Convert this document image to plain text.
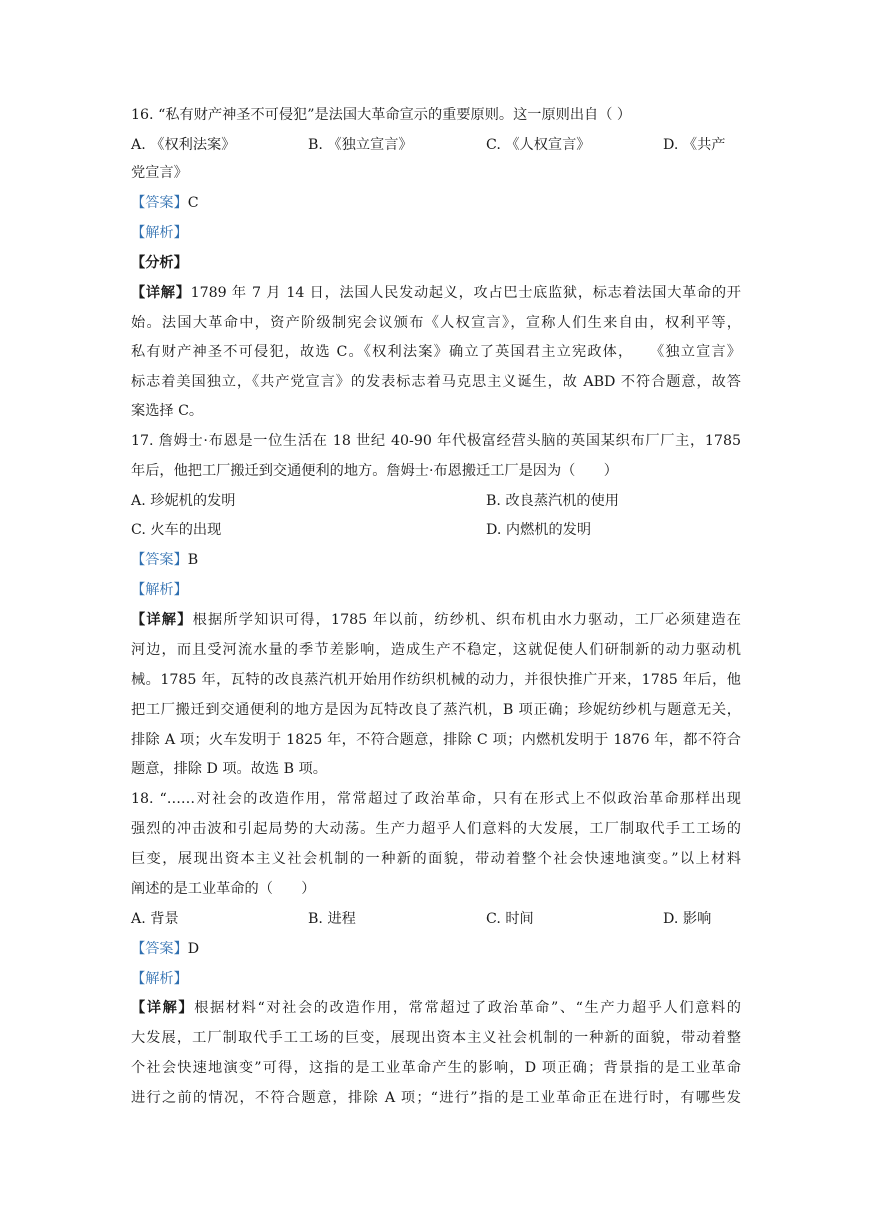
16. “私有财产神圣不可侵犯”是法国大革命宣示的重要原则。这一原则出自（ ）
A. 《权利法案》	B. 《独立宣言》	C. 《人权宣言》	D. 《共产
党宣言》
【答案】C
【解析】
【分析】
【详解】1789 年 7 月 14 日，法国人民发动起义，攻占巴士底监狱，标志着法国大革命的开
始。法国大革命中，资产阶级制宪会议颁布《人权宣言》，宣称人们生来自由，权利平等，
私有财产神圣不可侵犯，故选 C。《权利法案》确立了英国君主立宪政体，　　《独立宣言》
标志着美国独立，《共产党宣言》的发表标志着马克思主义诞生，故 ABD 不符合题意，故答
案选择 C。
17. 詹姆士·布恩是一位生活在 18 世纪 40-90 年代极富经营头脑的英国某织布厂厂主，1785
年后，他把工厂搬迁到交通便利的地方。詹姆士·布恩搬迁工厂是因为（　　）
A. 珍妮机的发明	B. 改良蒸汽机的使用
C. 火车的出现	D. 内燃机的发明
【答案】B
【解析】
【详解】根据所学知识可得，1785 年以前，纺纱机、织布机由水力驱动，工厂必须建造在
河边，而且受河流水量的季节差影响，造成生产不稳定，这就促使人们研制新的动力驱动机
械。1785 年，瓦特的改良蒸汽机开始用作纺织机械的动力，并很快推广开来，1785 年后，他
把工厂搬迁到交通便利的地方是因为瓦特改良了蒸汽机，B 项正确；珍妮纺纱机与题意无关，
排除 A 项；火车发明于 1825 年，不符合题意，排除 C 项；内燃机发明于 1876 年，都不符合
题意，排除 D 项。故选 B 项。
18. “……对社会的改造作用，常常超过了政治革命，只有在形式上不似政治革命那样出现
强烈的冲击波和引起局势的大动荡。生产力超乎人们意料的大发展，工厂制取代手工工场的
巨变，展现出资本主义社会机制的一种新的面貌，带动着整个社会快速地演变。”以上材料
阐述的是工业革命的（　　）
A. 背景	B. 进程	C. 时间	D. 影响
【答案】D
【解析】
【详解】根据材料“对社会的改造作用，常常超过了政治革命”、“生产力超乎人们意料的
大发展，工厂制取代手工工场的巨变，展现出资本主义社会机制的一种新的面貌，带动着整
个社会快速地演变”可得，这指的是工业革命产生的影响，D 项正确；背景指的是工业革命
进行之前的情况，不符合题意，排除 A 项；“进行”指的是工业革命正在进行时，有哪些发
